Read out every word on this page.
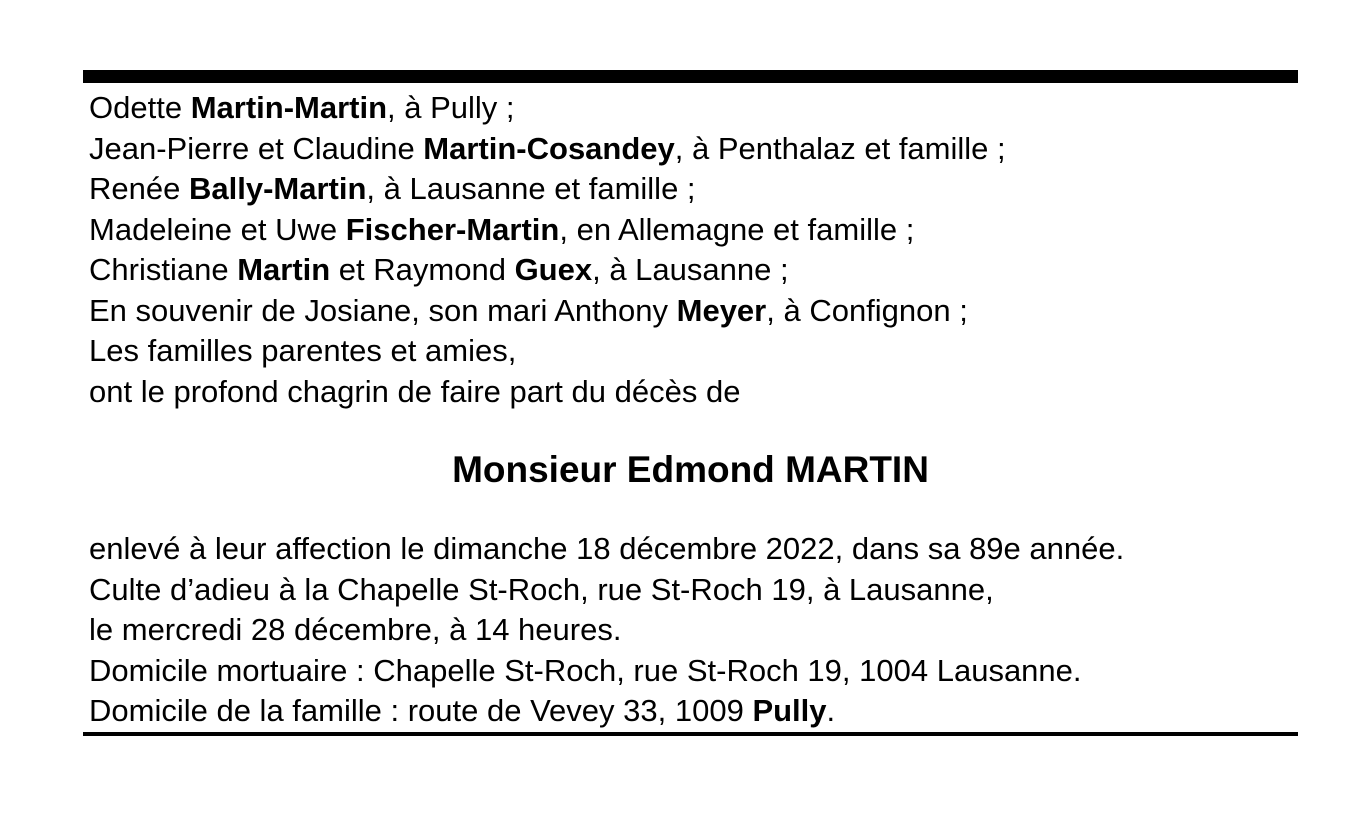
Odette Martin-Martin, à Pully ;
Jean-Pierre et Claudine Martin-Cosandey, à Penthalaz et famille ;
Renée Bally-Martin, à Lausanne et famille ;
Madeleine et Uwe Fischer-Martin, en Allemagne et famille ;
Christiane Martin et Raymond Guex, à Lausanne ;
En souvenir de Josiane, son mari Anthony Meyer, à Confignon ;
Les familles parentes et amies,
ont le profond chagrin de faire part du décès de
Monsieur Edmond MARTIN
enlevé à leur affection le dimanche 18 décembre 2022, dans sa 89e année.
Culte d’adieu à la Chapelle St-Roch, rue St-Roch 19, à Lausanne,
le mercredi 28 décembre, à 14 heures.
Domicile mortuaire : Chapelle St-Roch, rue St-Roch 19, 1004 Lausanne.
Domicile de la famille : route de Vevey 33, 1009 Pully.
